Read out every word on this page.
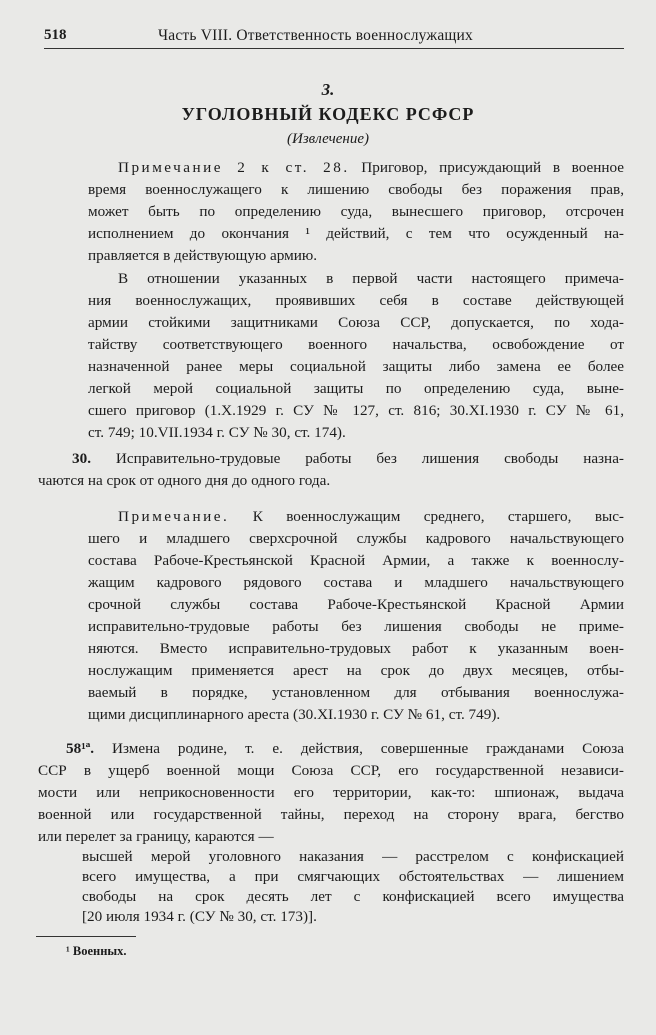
518	Часть VIII. Ответственность военнослужащих
3.
УГОЛОВНЫЙ КОДЕКС РСФСР
(Извлечение)
Примечание 2 к ст. 28. Приговор, присуждающий в военное
время военнослужащего к лишению свободы без поражения прав,
может быть по определению суда, вынесшего приговор, отсрочен
исполнением до окончания ¹ действий, с тем что осужденный на-
правляется в действующую армию.
В отношении указанных в первой части настоящего примеча-
ния военнослужащих, проявивших себя в составе действующей
армии стойкими защитниками Союза ССР, допускается, по хода-
тайству соответствующего военного начальства, освобождение от
назначенной ранее меры социальной защиты либо замена ее более
легкой мерой социальной защиты по определению суда, выне-
сшего приговор (1.X.1929 г. СУ № 127, ст. 816; 30.XI.1930 г. СУ № 61,
ст. 749; 10.VII.1934 г. СУ № 30, ст. 174).
30. Исправительно-трудовые работы без лишения свободы назна-
чаются на срок от одного дня до одного года.
Примечание. К военнослужащим среднего, старшего, выс-
шего и младшего сверхсрочной службы кадрового начальствующего
состава Рабоче-Крестьянской Красной Армии, а также к военнослу-
жащим кадрового рядового состава и младшего начальствующего
срочной службы состава Рабоче-Крестьянской Красной Армии
исправительно-трудовые работы без лишения свободы не приме-
няются. Вместо исправительно-трудовых работ к указанным воен-
нослужащим применяется арест на срок до двух месяцев, отбы-
ваемый в порядке, установленном для отбывания военнослужа-
щими дисциплинарного ареста (30.XI.1930 г. СУ № 61, ст. 749).
58¹ª. Измена родине, т. е. действия, совершенные гражданами Союза
ССР в ущерб военной мощи Союза ССР, его государственной независи-
мости или неприкосновенности его территории, как-то: шпионаж, выдача
военной или государственной тайны, переход на сторону врага, бегство
или перелет за границу, караются —
высшей мерой уголовного наказания — расстрелом с конфискацией
всего имущества, а при смягчающих обстоятельствах — лишением
свободы на срок десять лет с конфискацией всего имущества
[20 июля 1934 г. (СУ № 30, ст. 173)].
¹ Военных.
